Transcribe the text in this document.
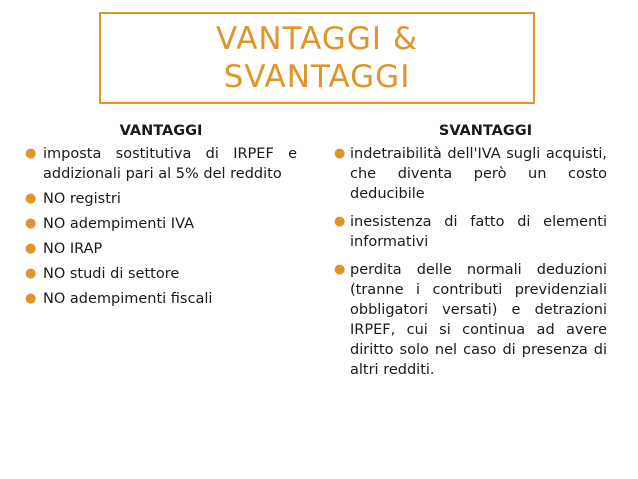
VANTAGGI &
SVANTAGGI
VANTAGGI
● imposta sostitutiva di IRPEF e addizionali pari al 5% del reddito
● NO registri
● NO adempimenti IVA
● NO IRAP
● NO studi di settore
● NO adempimenti fiscali
SVANTAGGI
● indetraibilità dell'IVA sugli acquisti, che diventa però un costo deducibile
● inesistenza di fatto di elementi informativi
● perdita delle normali deduzioni (tranne i contributi previdenziali obbligatori versati) e detrazioni IRPEF, cui si continua ad avere diritto solo nel caso di presenza di altri redditi.
